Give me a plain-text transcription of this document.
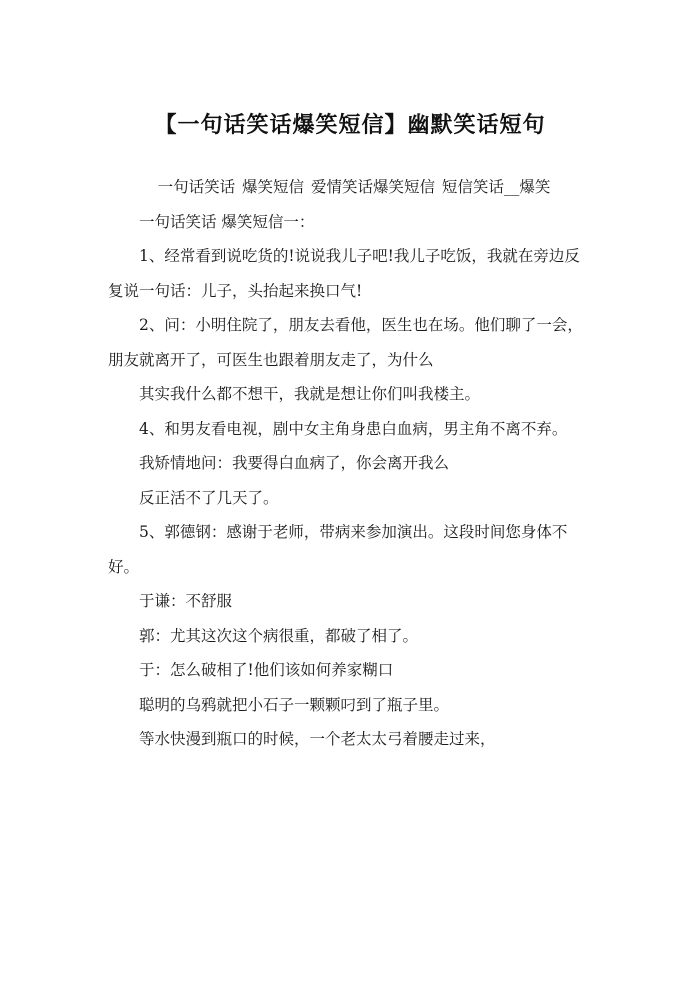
【一句话笑话爆笑短信】幽默笑话短句

一句话笑话 爆笑短信 爱情笑话爆笑短信 短信笑话__爆笑

一句话笑话 爆笑短信一：

1、经常看到说吃货的!说说我儿子吧!我儿子吃饭，我就在旁边反复说一句话：儿子，头抬起来换口气!

2、问：小明住院了，朋友去看他，医生也在场。他们聊了一会，朋友就离开了，可医生也跟着朋友走了，为什么

其实我什么都不想干，我就是想让你们叫我楼主。

4、和男友看电视，剧中女主角身患白血病，男主角不离不弃。

我矫情地问：我要得白血病了，你会离开我么

反正活不了几天了。

5、郭德钢：感谢于老师，带病来参加演出。这段时间您身体不好。

于谦：不舒服

郭：尤其这次这个病很重，都破了相了。

于：怎么破相了!他们该如何养家糊口

聪明的乌鸦就把小石子一颗颗叼到了瓶子里。

等水快漫到瓶口的时候，一个老太太弓着腰走过来，
